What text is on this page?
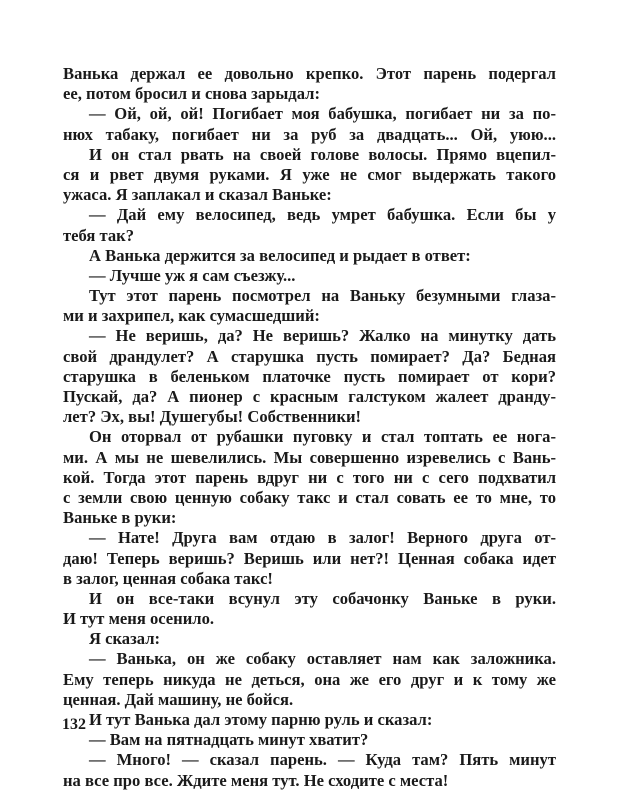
Ванька держал ее довольно крепко. Этот парень подергал
ее, потом бросил и снова зарыдал:
— Ой, ой, ой! Погибает моя бабушка, погибает ни за по-
нюх табаку, погибает ни за руб за двадцать... Ой, уюю...
И он стал рвать на своей голове волосы. Прямо вцепил-
ся и рвет двумя руками. Я уже не смог выдержать такого
ужаса. Я заплакал и сказал Ваньке:
— Дай ему велосипед, ведь умрет бабушка. Если бы у
тебя так?
А Ванька держится за велосипед и рыдает в ответ:
— Лучше уж я сам съезжу...
Тут этот парень посмотрел на Ваньку безумными глаза-
ми и захрипел, как сумасшедший:
— Не веришь, да? Не веришь? Жалко на минутку дать
свой драндулет? А старушка пусть помирает? Да? Бедная
старушка в беленьком платочке пусть помирает от кори?
Пускай, да? А пионер с красным галстуком жалеет дранду-
лет? Эх, вы! Душегубы! Собственники!
Он оторвал от рубашки пуговку и стал топтать ее нога-
ми. А мы не шевелились. Мы совершенно изревелись с Вань-
кой. Тогда этот парень вдруг ни с того ни с сего подхватил
с земли свою ценную собаку такс и стал совать ее то мне, то
Ваньке в руки:
— Нате! Друга вам отдаю в залог! Верного друга от-
даю! Теперь веришь? Веришь или нет?! Ценная собака идет
в залог, ценная собака такс!
И он все-таки всунул эту собачонку Ваньке в руки.
И тут меня осенило.
Я сказал:
— Ванька, он же собаку оставляет нам как заложника.
Ему теперь никуда не деться, она же его друг и к тому же
ценная. Дай машину, не бойся.
И тут Ванька дал этому парню руль и сказал:
— Вам на пятнадцать минут хватит?
— Много! — сказал парень. — Куда там? Пять минут
на все про все. Ждите меня тут. Не сходите с места!
132
